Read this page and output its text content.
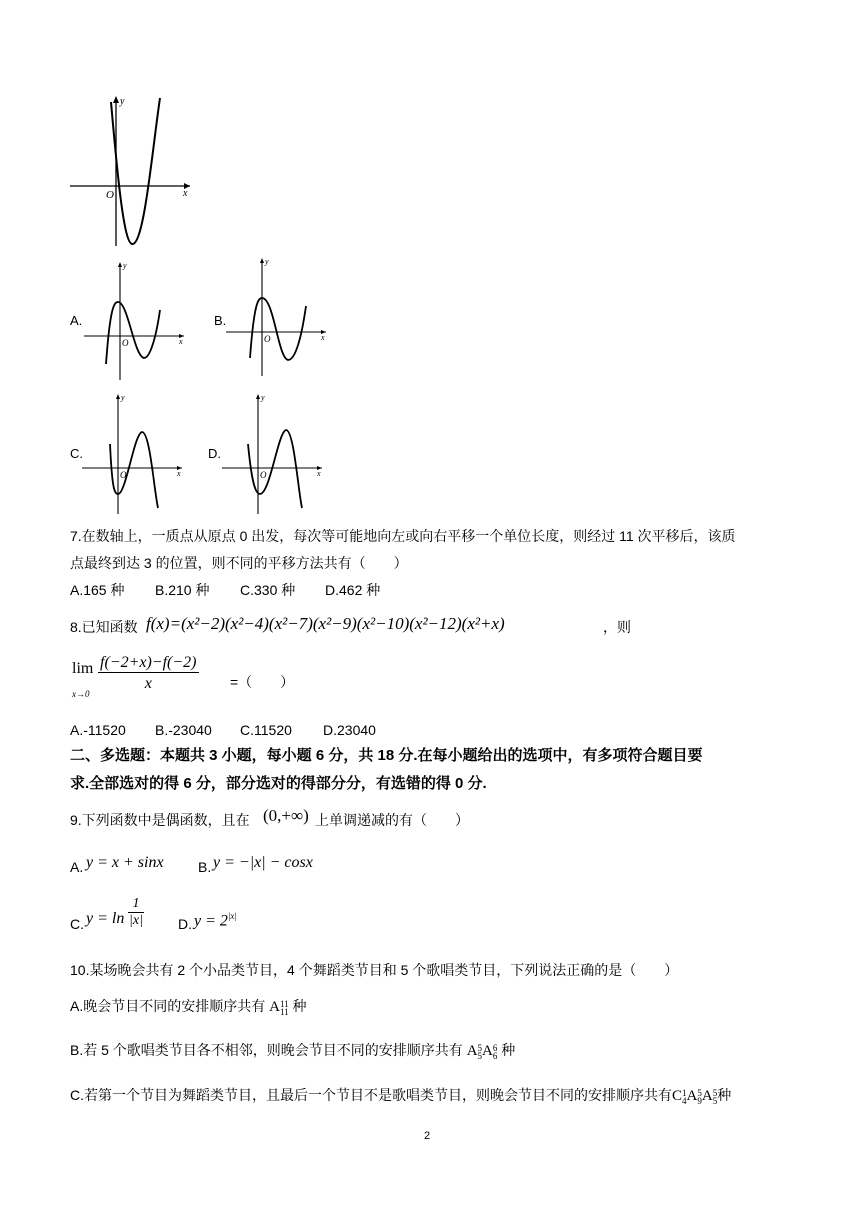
y
x
O
A.
y
x
O
B.
y
x
O
C.
y
x
O
D.
y
x
O
7.在数轴上，一质点从原点 0 出发，每次等可能地向左或向右平移一个单位长度，则经过 11 次平移后，该质
点最终到达 3 的位置，则不同的平移方法共有（　　）
A.165 种 B.210 种 C.330 种 D.462 种
8.已知函数 f(x)=(x²−2)(x²−4)(x²−7)(x²−9)(x²−10)(x²−12)(x²+x)	，则
lim
x→0
$\frac{f(-2+x)-f(-2)}{x}$ =（　　）
A.-11520 B.-23040 C.11520 D.23040
二、多选题：本题共 3 小题，每小题 6 分，共 18 分.在每小题给出的选项中，有多项符合题目要
求.全部选对的得 6 分，部分选对的得部分分，有选错的得 0 分.
9.下列函数中是偶函数，且在 (0,+∞) 上单调递减的有（　　）
A. y = x + sinx B. y = −|x| − cosx
C. $y = \ln \frac{1}{|x|} D$. $y = 2^{|x|}$
10.某场晚会共有 2 个小品类节目，4 个舞蹈类节目和 5 个歌唱类节目，下列说法正确的是（　　）
A.晚会节目不同的安排顺序共有 A 11
11 种
B.若 5 个歌唱类节目各不相邻，则晚会节目不同的安排顺序共有 A 5
5 A 6
6 种
C.若第一个节目为舞蹈类节目，且最后一个节目不是歌唱类节目，则晚会节目不同的安排顺序共有C 1
4 A 5
9 A 5
5 种
2
